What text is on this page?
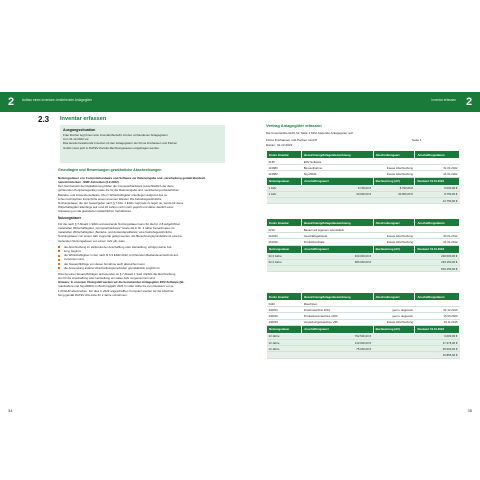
2	Aufbau eines Inventars: bestehender Anlagegüter	Inventar erfassen 2
2.3 Inventar erfassen
Ausgangssituation

Frau Fischer legt Ihnen eine Inventarübersicht mit den vorhandenen Anlagegütern

zum 31.12.2022 vor.

Das bereits bestehende Inventar mit den Anlagegütern der Firma Freihausen und Partner

GmbH muss jetzt in DATEV Kanzlei-Rechnungswesen eingetragen werden.

Grundlagen und Bewertungen gewöhnliche Abschreibungen
Nutzungsdauer von Computerhardware und Software zur Dateneingabe und -verarbeitung gemäß Bundesfi-
nanzministerium - BMF-Schreiben (2.2.2022)
Den Kernbereich der Digitalisierung bilden die Computerhardware (einschließlich der dazu
gehörenden Peripheriegeräte) sowie die für die Dateneingabe und -verarbeitung erforderlichen
Betriebs- und Anwendersoftware. Die in Wirtschaftsgüter unterliegen aufgrund des ra-
schen technischen Fortschritts einem enormen Wandel. Die betriebsgewöhnliche
Nutzungsdauer, die der Gesetzgeber nach § 7 Abs. 1 EStG zugrunde zu legen ist, wurde für diese
Wirtschaftsgüter allerdings seit rund 20 Jahren nicht mehr geprüft und daher deutlich einer
Anpassung an die geänderten tatsächlichen Verhältnisse.
Nutzungsdauer
Für die nach § 7 Absatz 1 EStG anzusetzende Nutzungsdauer kann für die für. 2.8 aufgeführten
materiellen Wirtschaftsgüter „Computerhardware" sowie die in Nr. 3 näher bezeichneten im-
materiellen Wirtschaftsgüter „Betriebs- und Anwendersoftware" eine betriebsgewöhnliche
Nutzungsdauer von einem Jahr zugrunde gelegt werden. Als Berechnungsgrundsätze ist eine be-
stehenden Nutzungsdauer von einem Jahr gilt, dass ...
die Abschreibung im Zeitpunkt der Anschaffung oder Herstellung, erfolgen keine Auf-
lung, beginnt,
die Wirtschaftsgüter in den nach R 6.3 EStR 2012 zu führenden Bestandsverzeichnis auf-
zunehmen sind,
der Steuerpflichtige von dieser Annahme auch abweichen kann,
die Anwendung anderer Abschreibungsmethoden grundsätzlich möglich ist.
Dies bei einer Steuerpflichtigen anzuwenden ist § 7 Absatz 1 Satz 4 EStG die Abschreibung
lein für die Anschaffung oder Herstellung ein volles Jahr vorgenommen wird.
Hinweis: In unserem Übungsfall werden wir die bestehenden Anlagegüter EDV-Software (Bi-
roaufnahme und Spyo5000) im Buchungsjahr 2023 in voller Höhe bis zum Restwert von je
1,00 EUR abschreiben. Für dies in 2023 angeschafften Computer werden wir die Abschrei-
bung gemäß DATEV AfA-Liste für 2 Jahre vornehmen.
Vertrag Anlagegüter erfassen
Die Inventarübersicht für Seite 1 führt folgende Anlagegüter auf:
Firma Freihausen und Partner GmbH	Seite 1
Datum: 31.12.2022
Konto Inventar	Bezeichnung/Anlagenbezeichnung	Abschreibungsart	Anschaffungsdatum
0135	EDV-Software		
113680	Büroaufnahme	lineare Abschreibung	01.01.2022
113682	Spyo5000	lineare Abschreibung	01.01.2022
Nutzungsdauer	Anschaffungswert	Buchwertung (AZ)	Restwert 01.01.2023
1 Jahr	5.700,00 €	5.700,00 €	5.000,00 €
1 Jahr	30.000,00 €	30.000,00 €	8.750,00 €
			13.750,00 €
Konto Inventar	Bezeichnung/Anlagenbezeichnung	Abschreibungsart	Anschaffungsdatum
0210	Bauten auf eigenem Grundstück		
210001	Geschäftsgebäude	lineare Abschreibung	02.01.2012
210002	Produktionshalle	lineare Abschreibung	01.01.2012
Nutzungsdauer	Anschaffungswert	Buchwertung (AZ)	Restwert 01.01.2023
33,3 Jahre	400.000,00 €		240.000,00 €
33,3 Jahre	380.000,00 €		263.150,00 €
			503.150,00 €
Konto Inventar	Bezeichnung/Anlagenbezeichnung	Abschreibungsart	Anschaffungsdatum
0440	Maschinen		
440001	Druckmaschine 2010	geom. degressiv	01.12.2010
440002	Produktionsmaschine 2020	geom. degressiv	15.06.2020
440003	Verpackungsmaschine V85	lineare Abschreibung	04.11.2015
Nutzungsdauer	Anschaffungswert	Buchwertung (AZ)	Restwert 01.01.2023
13 Jahre	762.500,00 €		6.000,00 €
13 Jahre	110.000,00 €		17.276,00 €
13 Jahre	75.000,00 €		25.000,00 €
			16.855,00 €
34	35
